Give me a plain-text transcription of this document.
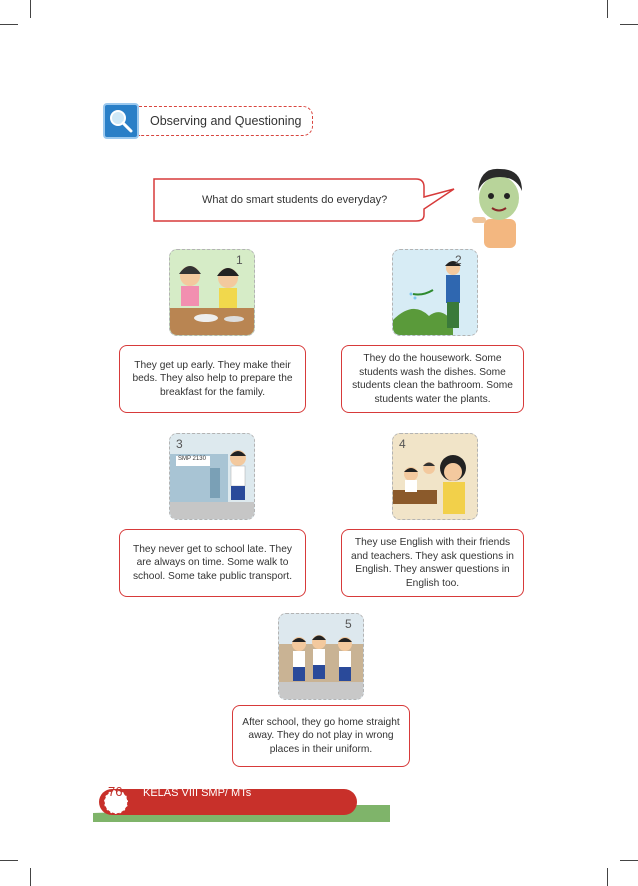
Observing and Questioning
What do smart students do everyday?
1
They get up early. They make their beds. They also help to prepare the breakfast for the family.
2
They do the housework. Some students wash the dishes. Some students clean the bathroom. Some students water the plants.
SMP 2130
3
They never get to school late. They are always on time. Some walk to school. Some take public transport.
4
They use English with their friends and teachers. They ask questions in English. They answer questions in English too.
5
After school, they go home straight away. They do not play in wrong places in their uniform.
76 KELAS VIII SMP/ MTs
